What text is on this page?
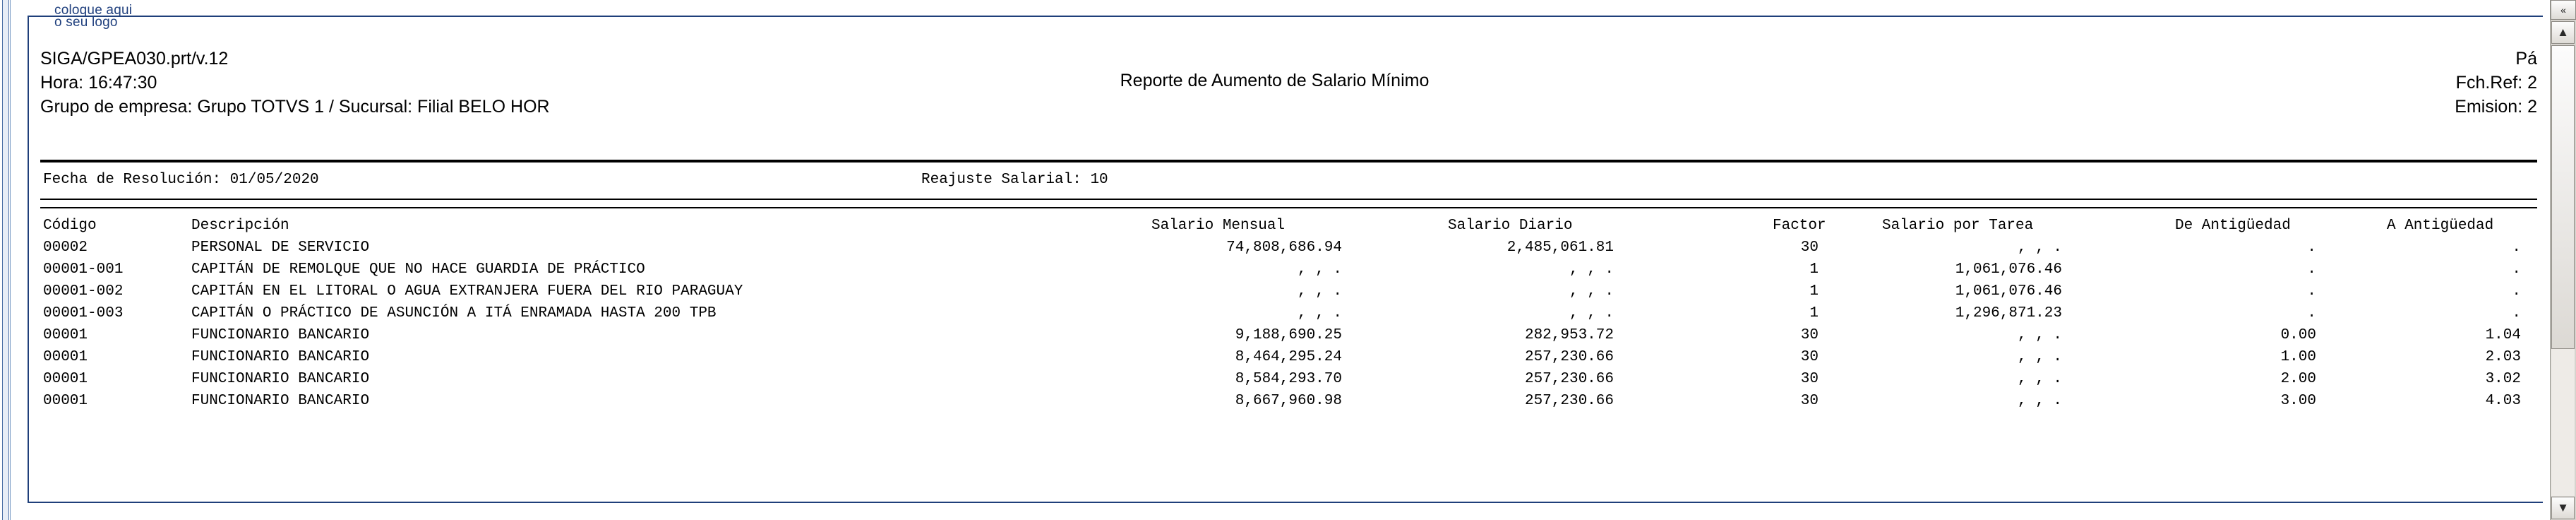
coloque aqui
o seu logo
SIGA/GPEA030.prt/v.12
Hora: 16:47:30
Grupo de empresa: Grupo TOTVS 1 / Sucursal: Filial BELO HOR
Reporte de Aumento de Salario Mínimo
Pá
Fch.Ref: 2
Emision: 2
Fecha de Resolución: 01/05/2020	Reajuste Salarial: 10
Código	Descripción	Salario Mensual	Salario Diario	Factor	Salario por Tarea	De Antigüedad	A Antigüedad
00002	PERSONAL DE SERVICIO	74,808,686.94	2,485,061.81	30	, , .	.	.
00001-001	CAPITÁN DE REMOLQUE QUE NO HACE GUARDIA DE PRÁCTICO	, , .	, , .	1	1,061,076.46	.	.
00001-002	CAPITÁN EN EL LITORAL O AGUA EXTRANJERA FUERA DEL RIO PARAGUAY	, , .	, , .	1	1,061,076.46	.	.
00001-003	CAPITÁN O PRÁCTICO DE ASUNCIÓN A ITÁ ENRAMADA HASTA 200 TPB	, , .	, , .	1	1,296,871.23	.	.
00001	FUNCIONARIO BANCARIO	9,188,690.25	282,953.72	30	, , .	0.00	1.04
00001	FUNCIONARIO BANCARIO	8,464,295.24	257,230.66	30	, , .	1.00	2.03
00001	FUNCIONARIO BANCARIO	8,584,293.70	257,230.66	30	, , .	2.00	3.02
00001	FUNCIONARIO BANCARIO	8,667,960.98	257,230.66	30	, , .	3.00	4.03
«
▲
▼
